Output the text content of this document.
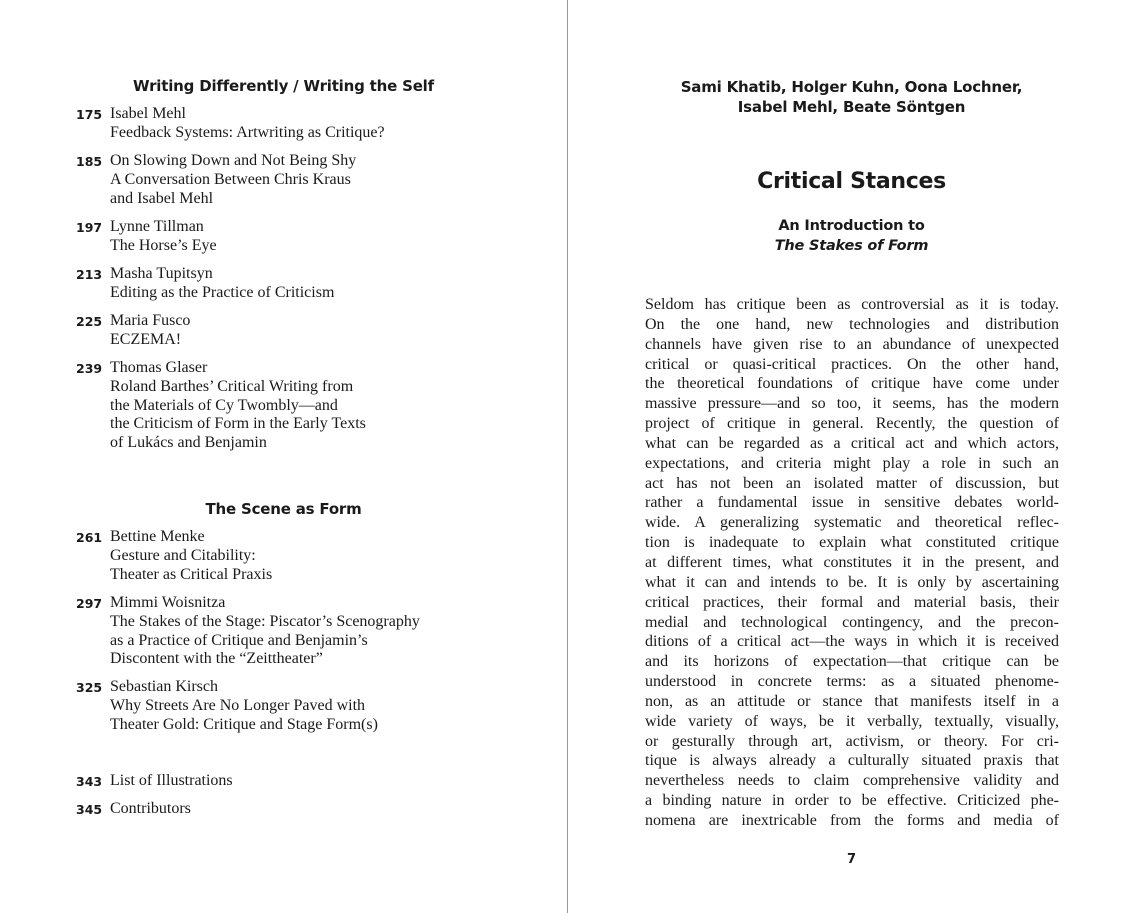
Writing Differently / Writing the Self
175 Isabel Mehl
Feedback Systems: Artwriting as Critique?
185 On Slowing Down and Not Being Shy
A Conversation Between Chris Kraus
and Isabel Mehl
197 Lynne Tillman
The Horse’s Eye
213 Masha Tupitsyn
Editing as the Practice of Criticism
225 Maria Fusco
ECZEMA!
239 Thomas Glaser
Roland Barthes’ Critical Writing from
the Materials of Cy Twombly—and
the Criticism of Form in the Early Texts
of Lukács and Benjamin
The Scene as Form
261 Bettine Menke
Gesture and Citability:
Theater as Critical Praxis
297 Mimmi Woisnitza
The Stakes of the Stage: Piscator’s Scenography
as a Practice of Critique and Benjamin’s
Discontent with the “Zeittheater”
325 Sebastian Kirsch
Why Streets Are No Longer Paved with
Theater Gold: Critique and Stage Form(s)
343 List of Illustrations
345 Contributors
Sami Khatib, Holger Kuhn, Oona Lochner,
Isabel Mehl, Beate Söntgen
Critical Stances
An Introduction to
The Stakes of Form
Seldom has critique been as controversial as it is today.
On the one hand, new technologies and distribution
channels have given rise to an abundance of unexpected
critical or quasi-critical practices. On the other hand,
the theoretical foundations of critique have come under
massive pressure—and so too, it seems, has the modern
project of critique in general. Recently, the question of
what can be regarded as a critical act and which actors,
expectations, and criteria might play a role in such an
act has not been an isolated matter of discussion, but
rather a fundamental issue in sensitive debates world-
wide. A generalizing systematic and theoretical reflec-
tion is inadequate to explain what constituted critique
at different times, what constitutes it in the present, and
what it can and intends to be. It is only by ascertaining
critical practices, their formal and material basis, their
medial and technological contingency, and the precon-
ditions of a critical act—the ways in which it is received
and its horizons of expectation—that critique can be
understood in concrete terms: as a situated phenome-
non, as an attitude or stance that manifests itself in a
wide variety of ways, be it verbally, textually, visually,
or gesturally through art, activism, or theory. For cri-
tique is always already a culturally situated praxis that
nevertheless needs to claim comprehensive validity and
a binding nature in order to be effective. Criticized phe-
nomena are inextricable from the forms and media of
7
